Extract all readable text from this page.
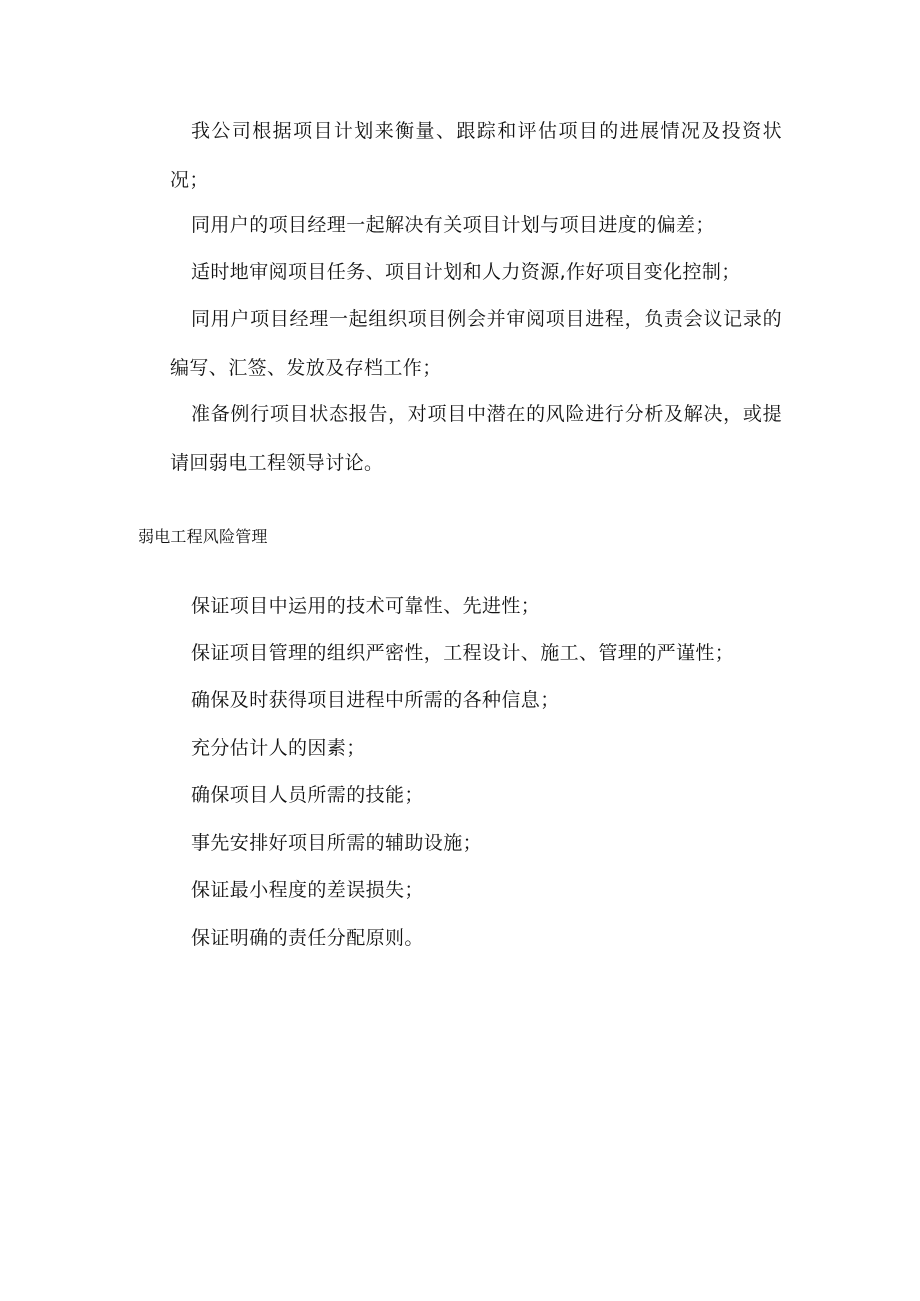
我公司根据项目计划来衡量、跟踪和评估项目的进展情况及投资状况；

同用户的项目经理一起解决有关项目计划与项目进度的偏差；

适时地审阅项目任务、项目计划和人力资源,作好项目变化控制；

同用户项目经理一起组织项目例会并审阅项目进程，负责会议记录的编写、汇签、发放及存档工作；

准备例行项目状态报告，对项目中潜在的风险进行分析及解决，或提请回弱电工程领导讨论。

弱电工程风险管理

保证项目中运用的技术可靠性、先进性；

保证项目管理的组织严密性，工程设计、施工、管理的严谨性；

确保及时获得项目进程中所需的各种信息；

充分估计人的因素；

确保项目人员所需的技能；

事先安排好项目所需的辅助设施；

保证最小程度的差误损失；

保证明确的责任分配原则。
